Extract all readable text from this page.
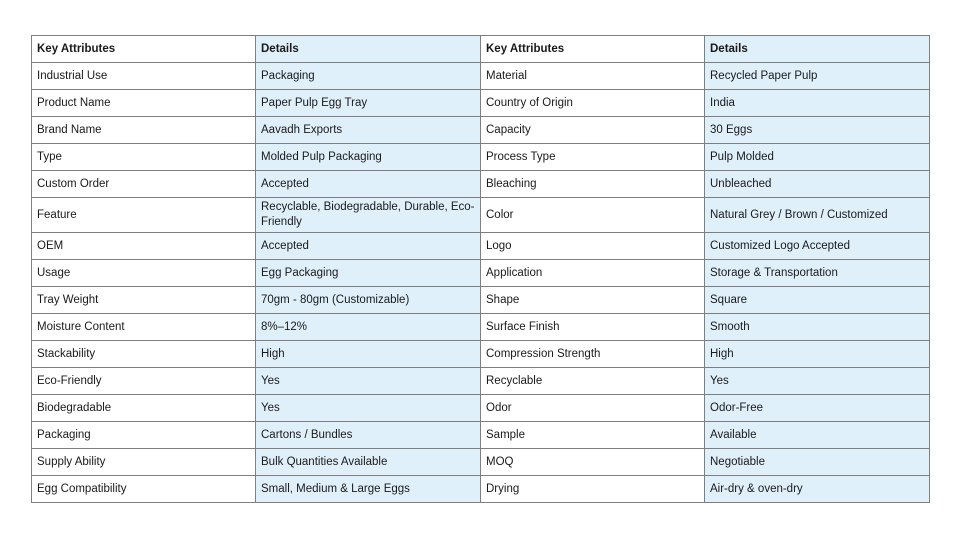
Key Attributes	Details	Key Attributes	Details
Industrial Use	Packaging	Material	Recycled Paper Pulp
Product Name	Paper Pulp Egg Tray	Country of Origin	India
Brand Name	Aavadh Exports	Capacity	30 Eggs
Type	Molded Pulp Packaging	Process Type	Pulp Molded
Custom Order	Accepted	Bleaching	Unbleached
Feature	Recyclable, Biodegradable, Durable, Eco-Friendly	Color	Natural Grey / Brown / Customized
OEM	Accepted	Logo	Customized Logo Accepted
Usage	Egg Packaging	Application	Storage & Transportation
Tray Weight	70gm - 80gm (Customizable)	Shape	Square
Moisture Content	8%–12%	Surface Finish	Smooth
Stackability	High	Compression Strength	High
Eco-Friendly	Yes	Recyclable	Yes
Biodegradable	Yes	Odor	Odor-Free
Packaging	Cartons / Bundles	Sample	Available
Supply Ability	Bulk Quantities Available	MOQ	Negotiable
Egg Compatibility	Small, Medium & Large Eggs	Drying	Air-dry & oven-dry
